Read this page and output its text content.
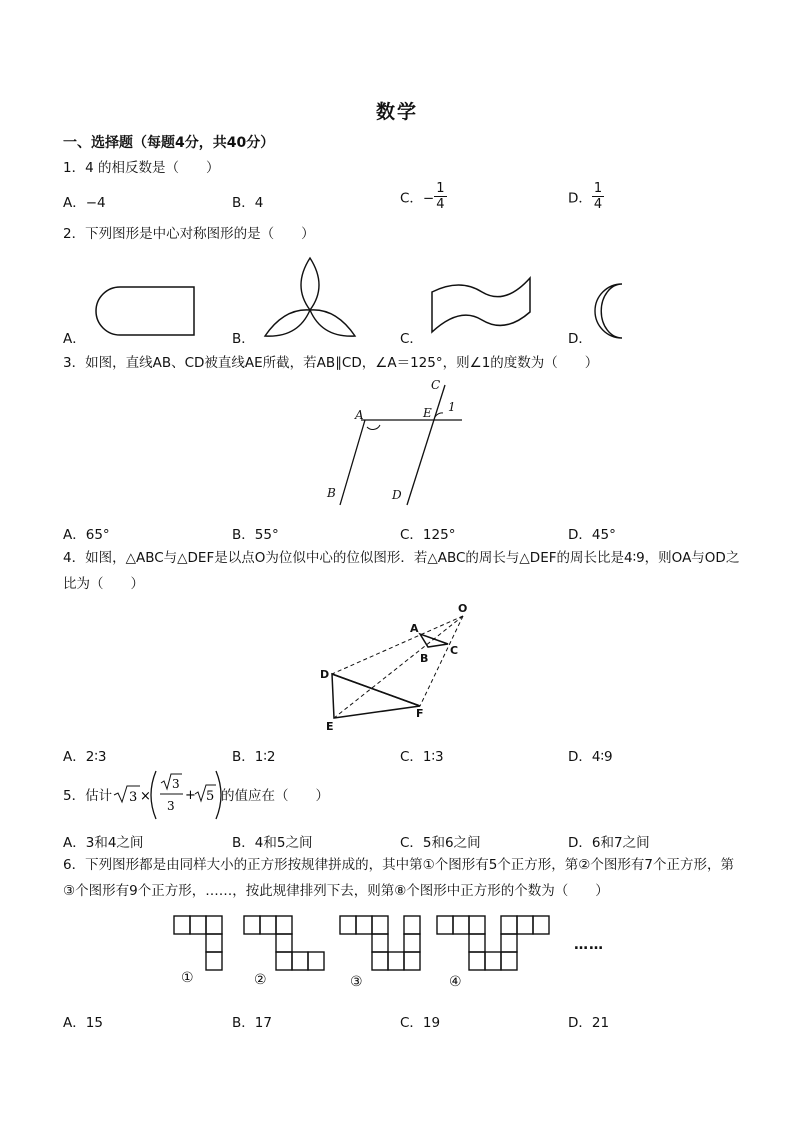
数学
一、选择题（每题4分，共40分）
1．4 的相反数是（　　）
A．−4	B．4	C．− $\frac{1}{4}$	D． $\frac{1}{4}$
2．下列图形是中心对称图形的是（　　）
A．	B．	C．	D．
3．如图，直线AB、CD被直线AE所截，若AB∥CD，∠A＝125°，则∠1的度数为（　　）
A
B
C
D
E 1
A．65°	B．55°	C．125°	D．45°
4．如图，△ABC与△DEF是以点O为位似中心的位似图形．若△ABC的周长与△DEF的周长比是4∶9，则OA与OD之比为（　　）
O
A
B
C
D
E
F
A．2∶3	B．1∶2	C．1∶3	D．4∶9
5．估计 3 ×
3
3
+ 5 的值应在（　　）
A．3和4之间	B．4和5之间	C．5和6之间	D．6和7之间
6．下列图形都是由同样大小的正方形按规律拼成的，其中第①个图形有5个正方形，第②个图形有7个正方形，第③个图形有9个正方形，……，按此规律排列下去，则第⑧个图形中正方形的个数为（　　）
①	②	③	④
……
A．15	B．17	C．19	D．21
